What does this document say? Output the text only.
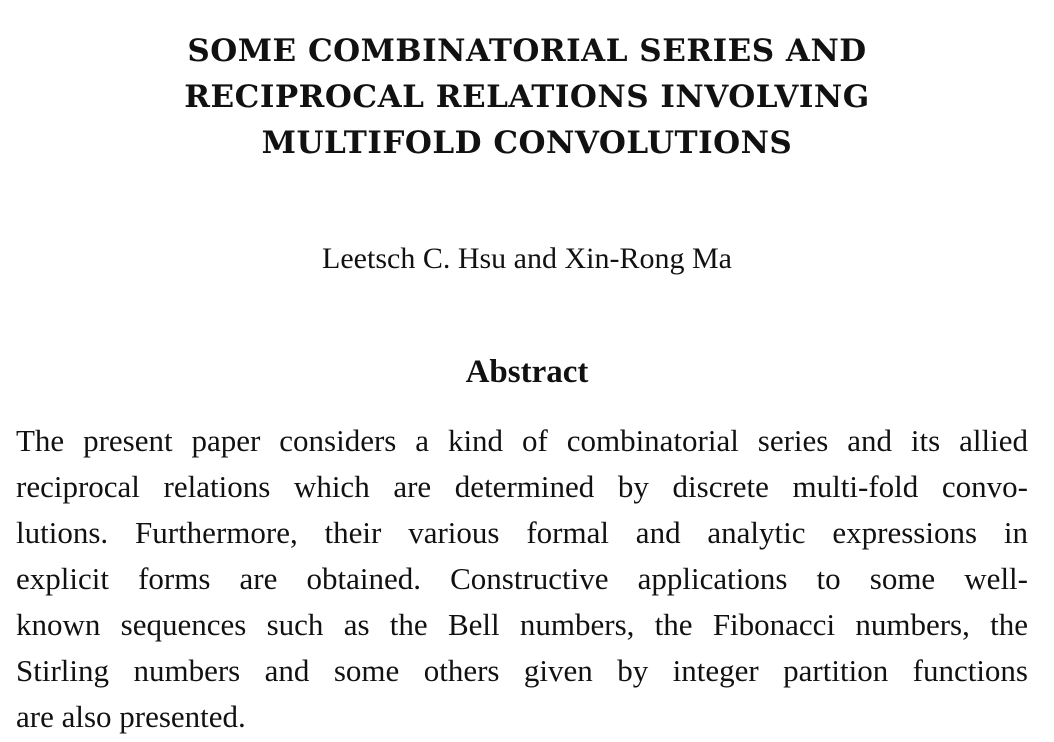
SOME COMBINATORIAL SERIES AND
RECIPROCAL RELATIONS INVOLVING
MULTIFOLD CONVOLUTIONS
Leetsch C. Hsu and Xin-Rong Ma
Abstract

The present paper considers a kind of combinatorial series and its allied
reciprocal relations which are determined by discrete multi-fold convo-
lutions. Furthermore, their various formal and analytic expressions in
explicit forms are obtained. Constructive applications to some well-
known sequences such as the Bell numbers, the Fibonacci numbers, the
Stirling numbers and some others given by integer partition functions
are also presented.
